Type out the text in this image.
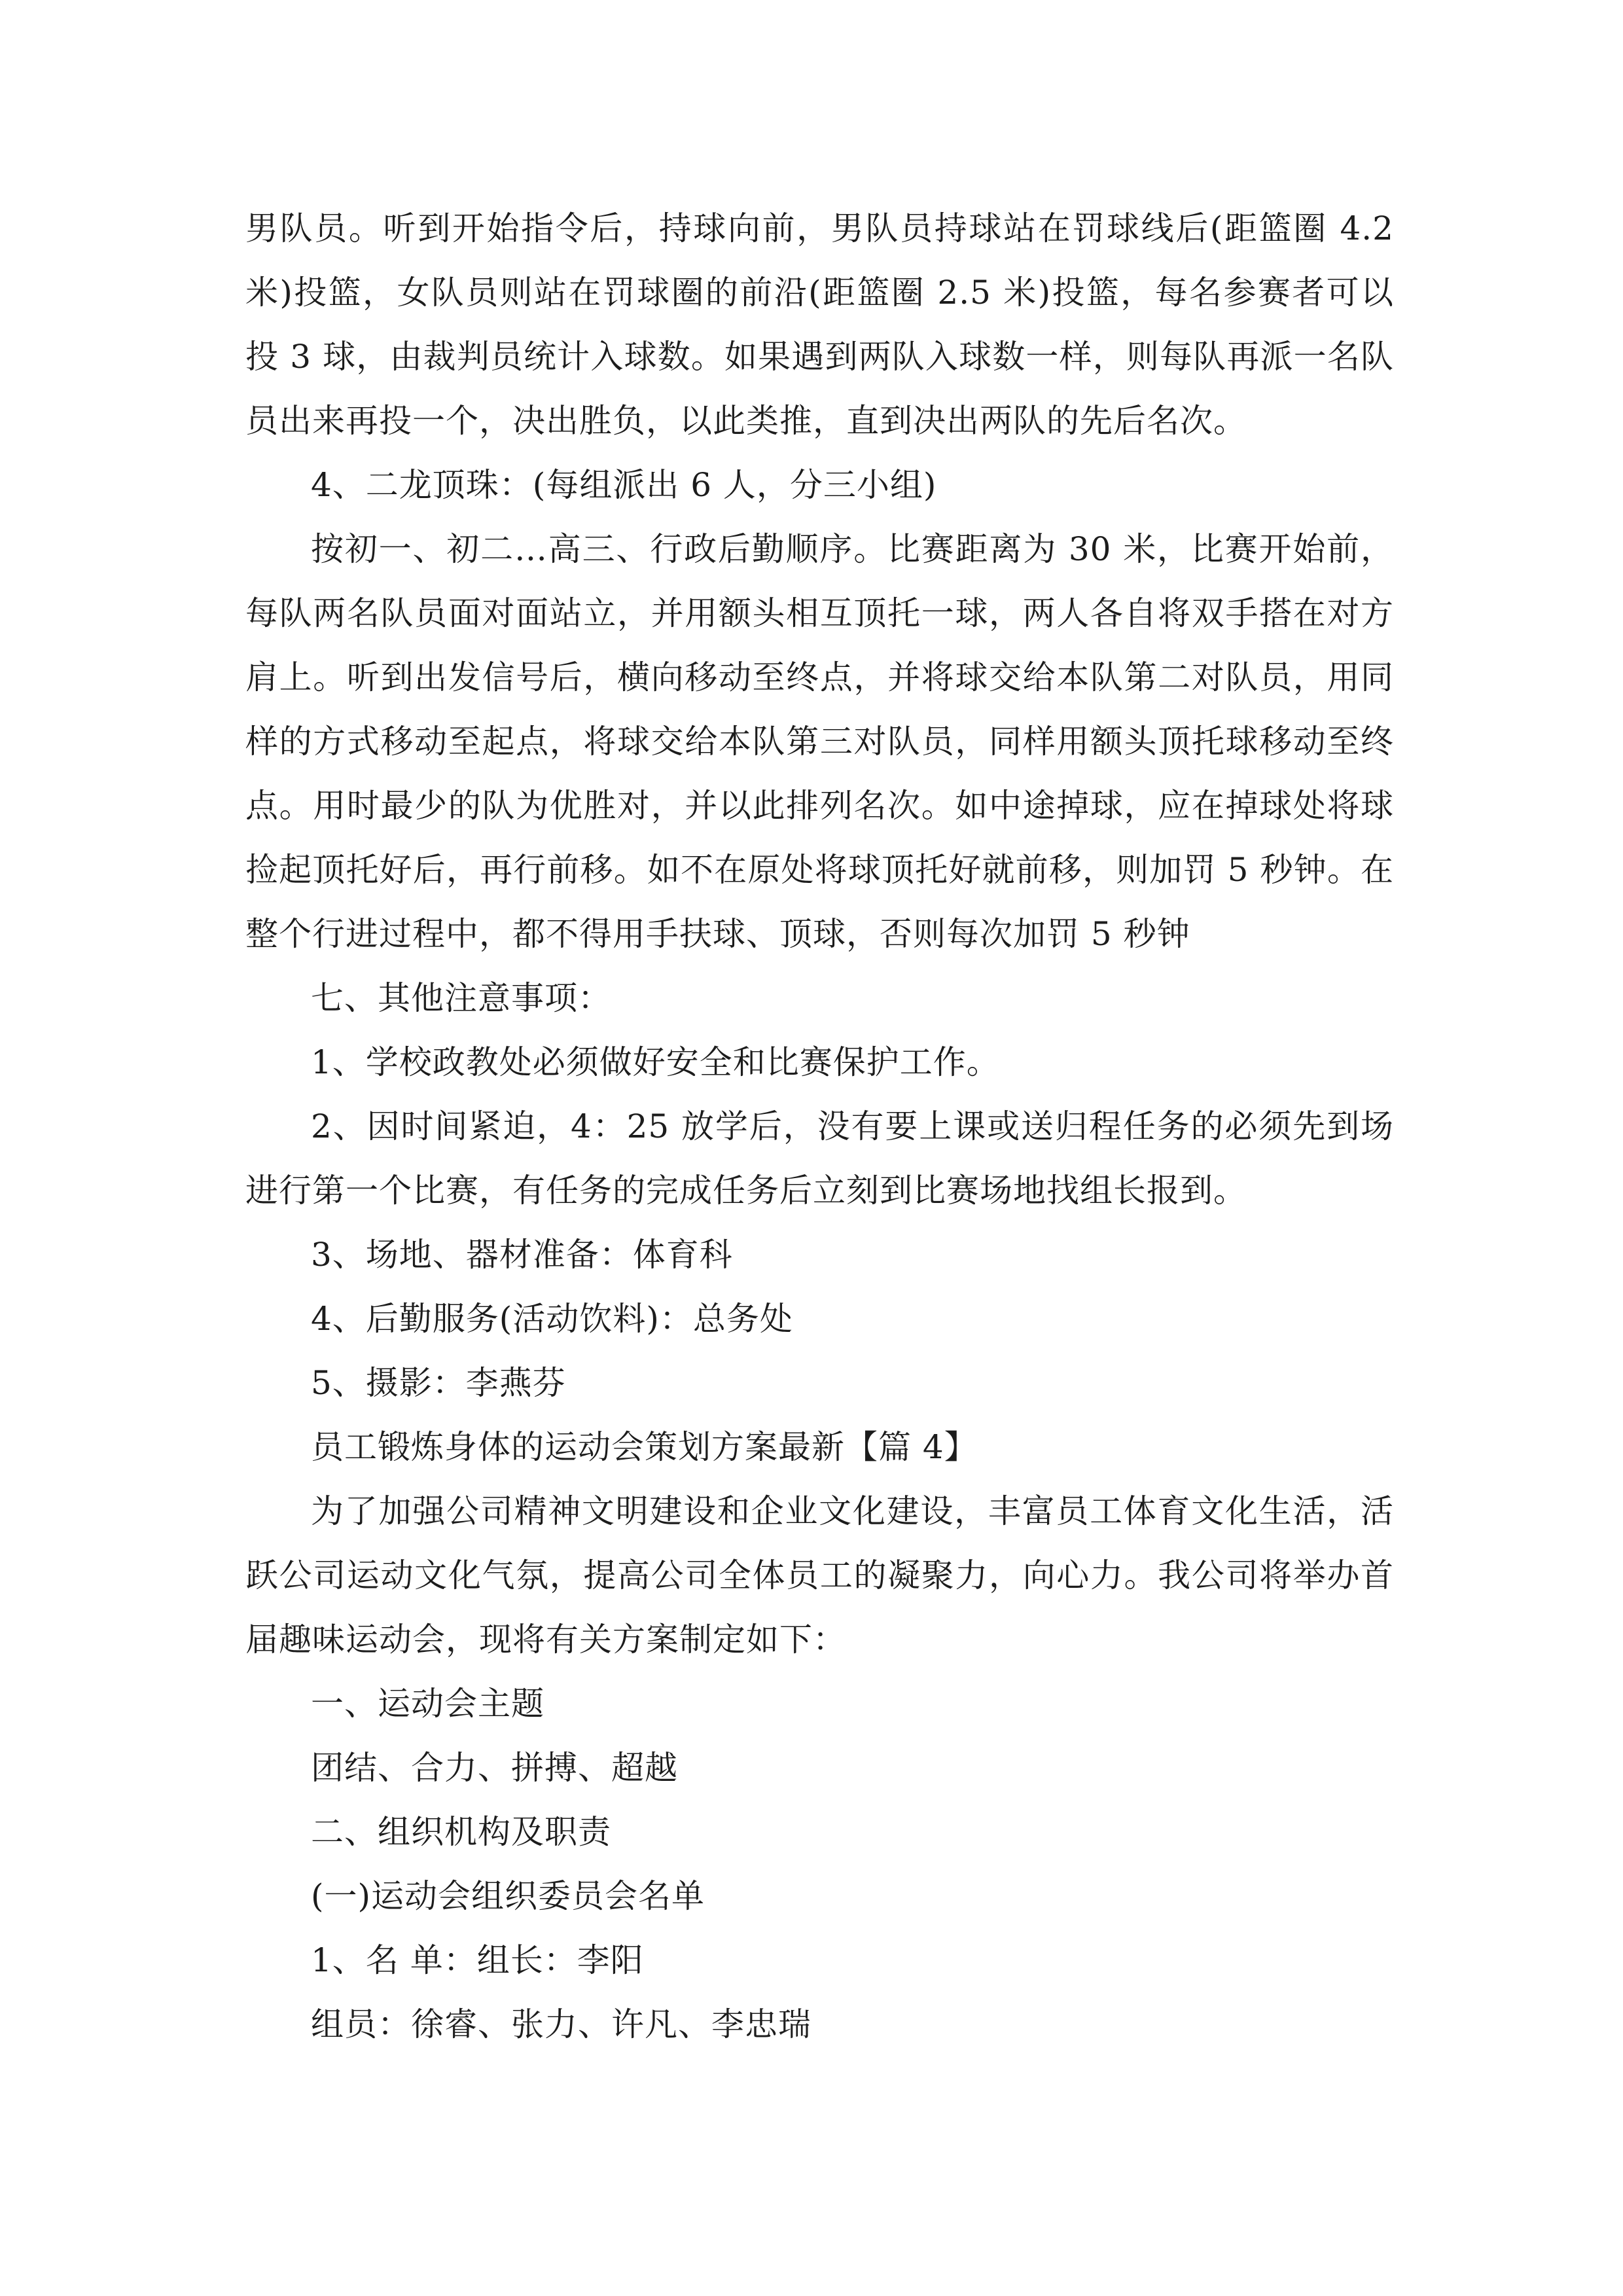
男队员。听到开始指令后，持球向前，男队员持球站在罚球线后(距篮圈 4.2 米)投篮，女队员则站在罚球圈的前沿(距篮圈 2.5 米)投篮，每名参赛者可以投 3 球，由裁判员统计入球数。如果遇到两队入球数一样，则每队再派一名队员出来再投一个，决出胜负，以此类推，直到决出两队的先后名次。

4、二龙顶珠：(每组派出 6 人，分三小组)

按初一、初二…高三、行政后勤顺序。比赛距离为 30 米，比赛开始前，每队两名队员面对面站立，并用额头相互顶托一球，两人各自将双手搭在对方肩上。听到出发信号后，横向移动至终点，并将球交给本队第二对队员，用同样的方式移动至起点，将球交给本队第三对队员，同样用额头顶托球移动至终点。用时最少的队为优胜对，并以此排列名次。如中途掉球，应在掉球处将球捡起顶托好后，再行前移。如不在原处将球顶托好就前移，则加罚 5 秒钟。在整个行进过程中，都不得用手扶球、顶球，否则每次加罚 5 秒钟

七、其他注意事项：

1、学校政教处必须做好安全和比赛保护工作。

2、因时间紧迫，4：25 放学后，没有要上课或送归程任务的必须先到场进行第一个比赛，有任务的完成任务后立刻到比赛场地找组长报到。

3、场地、器材准备：体育科

4、后勤服务(活动饮料)：总务处

5、摄影：李燕芬

员工锻炼身体的运动会策划方案最新【篇 4】

为了加强公司精神文明建设和企业文化建设，丰富员工体育文化生活，活跃公司运动文化气氛，提高公司全体员工的凝聚力，向心力。我公司将举办首届趣味运动会，现将有关方案制定如下：

一、运动会主题

团结、合力、拼搏、超越

二、组织机构及职责

(一)运动会组织委员会名单

1、名 单：组长：李阳

组员：徐睿、张力、许凡、李忠瑞
